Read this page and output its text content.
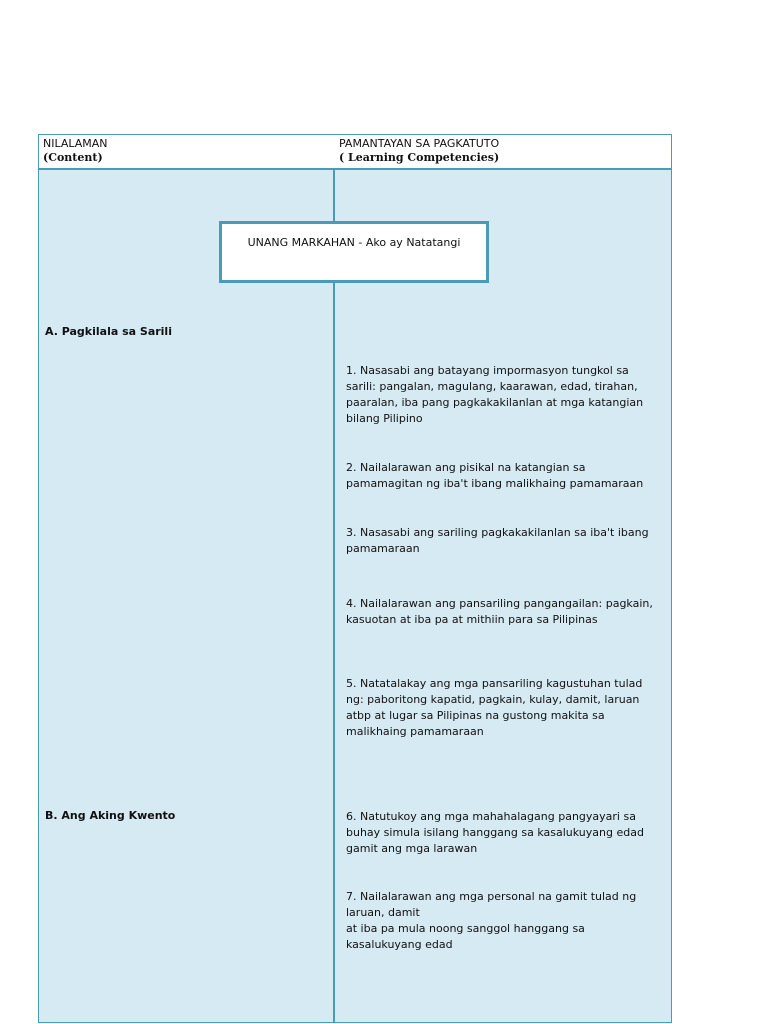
NILALAMAN
(Content)
PAMANTAYAN SA PAGKATUTO
( Learning Competencies)
UNANG MARKAHAN - Ako ay Natatangi
A. Pagkilala sa Sarili
B. Ang Aking Kwento
1. Nasasabi ang batayang impormasyon tungkol sa sarili: pangalan, magulang, kaarawan, edad, tirahan, paaralan, iba pang pagkakakilanlan at mga katangian bilang Pilipino
2. Nailalarawan ang pisikal na katangian sa pamamagitan ng iba't ibang malikhaing pamamaraan
3. Nasasabi ang sariling pagkakakilanlan sa iba't ibang pamamaraan
4. Nailalarawan ang pansariling pangangailan: pagkain, kasuotan at iba pa at mithiin para sa Pilipinas
5. Natatalakay ang mga pansariling kagustuhan tulad ng: paboritong kapatid, pagkain, kulay, damit, laruan atbp at lugar sa Pilipinas na gustong makita sa malikhaing pamamaraan
6. Natutukoy ang mga mahahalagang pangyayari sa buhay simula isilang hanggang sa kasalukuyang edad gamit ang mga larawan
7. Nailalarawan ang mga personal na gamit tulad ng laruan, damit
at iba pa mula noong sanggol hanggang sa
kasalukuyang edad
